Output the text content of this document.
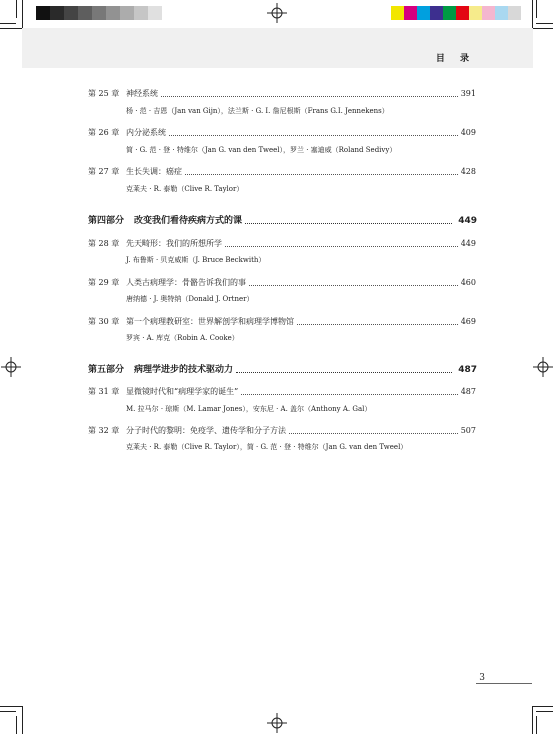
目 录
第 25 章 神经系统	391
杨 · 范 · 吉恩（Jan van Gijn），法兰斯 · G. I. 詹尼根斯（Frans G.I. Jennekens）
第 26 章 内分泌系统	409
简 · G. 范 · 登 · 特维尔（Jan G. van den Tweel），罗兰 · 塞迪威（Roland Sedivy）
第 27 章 生长失调：癌症	428
克莱夫 · R. 泰勒（Clive R. Taylor）
第四部分 改变我们看待疾病方式的课	449
第 28 章 先天畸形：我们的所想所学	449
J. 布鲁斯 · 贝克威斯（J. Bruce Beckwith）
第 29 章 人类古病理学：骨骼告诉我们的事	460
唐纳德 · J. 奥特纳（Donald J. Ortner）
第 30 章 第一个病理教研室：世界解剖学和病理学博物馆	469
罗宾 · A. 库克（Robin A. Cooke）
第五部分 病理学进步的技术驱动力	487
第 31 章 显微镜时代和“病理学家的诞生”	487
M. 拉马尔 · 琼斯（M. Lamar Jones），安东尼 · A. 盖尔（Anthony A. Gal）
第 32 章 分子时代的黎明：免疫学、遗传学和分子方法	507
克莱夫 · R. 泰勒（Clive R. Taylor），简 · G. 范 · 登 · 特维尔（Jan G. van den Tweel）
3
